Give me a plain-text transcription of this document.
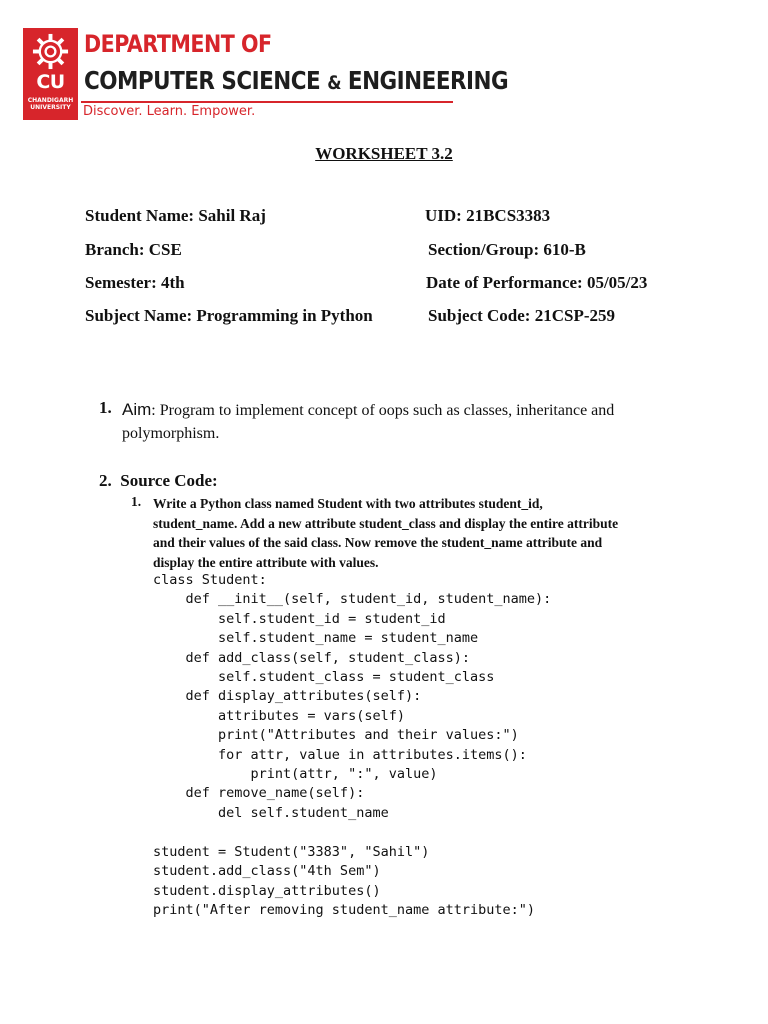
CU
CHANDIGARH UNIVERSITY
DEPARTMENT OF
COMPUTER SCIENCE & ENGINEERING
Discover. Learn. Empower.
WORKSHEET 3.2
Student Name: Sahil Raj	UID: 21BCS3383
Branch: CSE	Section/Group: 610-B
Semester: 4th	Date of Performance: 05/05/23
Subject Name: Programming in Python	Subject Code: 21CSP-259
1. Aim: Program to implement concept of oops such as classes, inheritance and polymorphism.
2. Source Code:
1. Write a Python class named Student with two attributes student_id, student_name. Add a new attribute student_class and display the entire attribute and their values of the said class. Now remove the student_name attribute and display the entire attribute with values.
class Student:
def __init__(self, student_id, student_name):
self.student_id = student_id
self.student_name = student_name
def add_class(self, student_class):
self.student_class = student_class
def display_attributes(self):
attributes = vars(self)
print("Attributes and their values:")
for attr, value in attributes.items():
print(attr, ":", value)
def remove_name(self):
del self.student_name

student = Student("3383", "Sahil")
student.add_class("4th Sem")
student.display_attributes()
print("After removing student_name attribute:")
